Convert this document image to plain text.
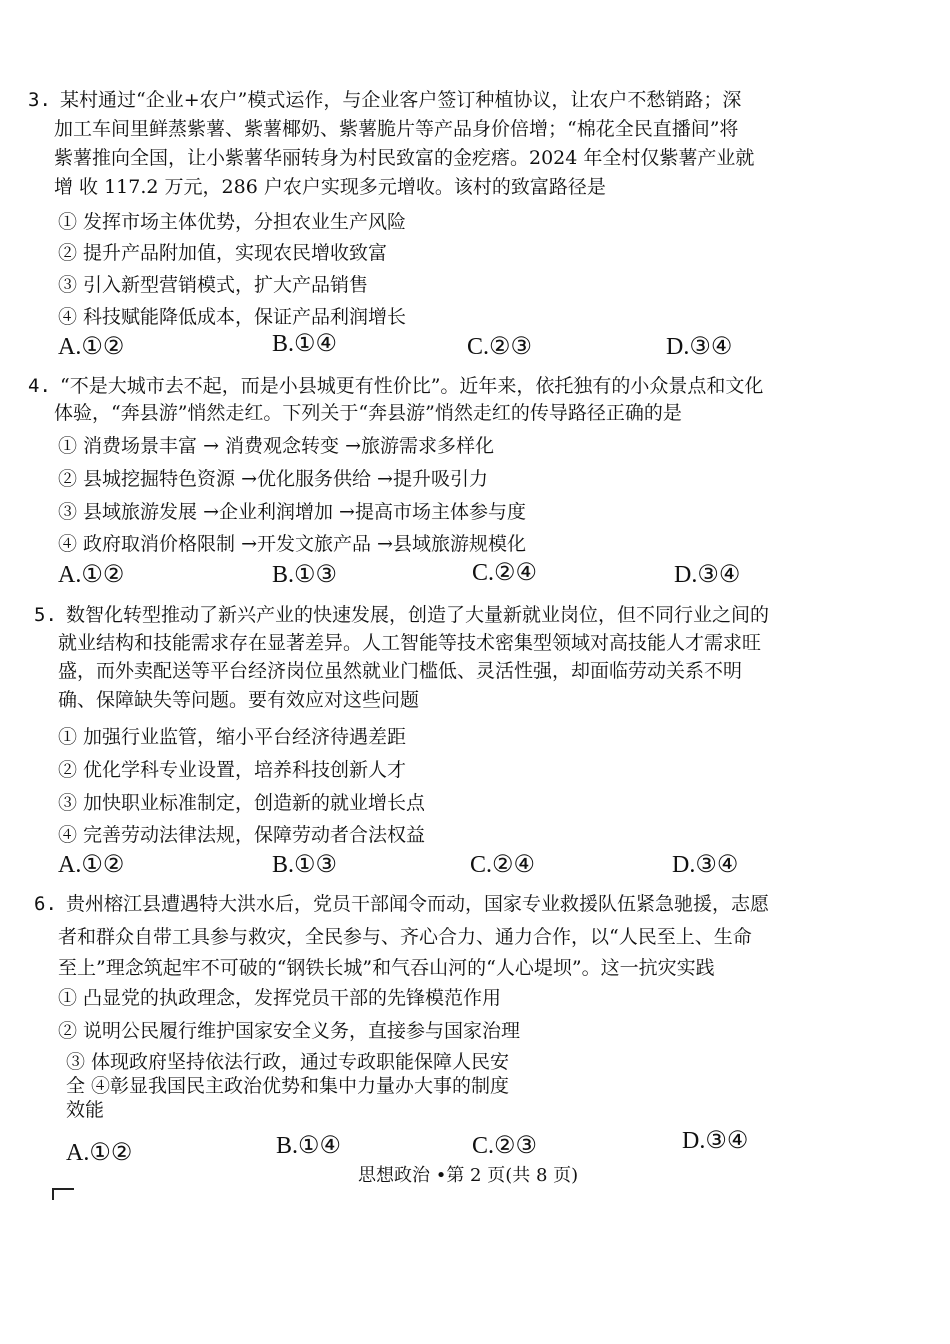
3. 某村通过“企业+农户”模式运作，与企业客户签订种植协议，让农户不愁销路；深
加工车间里鲜蒸紫薯、紫薯椰奶、紫薯脆片等产品身价倍增；“棉花全民直播间”将
紫薯推向全国，让小紫薯华丽转身为村民致富的金疙瘩。2024 年全村仅紫薯产业就
增 收 117.2 万元，286 户农户实现多元增收。该村的致富路径是
① 发挥市场主体优势，分担农业生产风险
② 提升产品附加值，实现农民增收致富
③ 引入新型营销模式，扩大产品销售
④ 科技赋能降低成本，保证产品利润增长
A.①②	B.①④	C.②③	D.③④
4. “不是大城市去不起，而是小县城更有性价比”。近年来，依托独有的小众景点和文化
体验，“奔县游”悄然走红。下列关于“奔县游”悄然走红的传导路径正确的是
① 消费场景丰富 → 消费观念转变 →旅游需求多样化
② 县城挖掘特色资源 →优化服务供给 →提升吸引力
③ 县域旅游发展 →企业利润增加 →提高市场主体参与度
④ 政府取消价格限制 →开发文旅产品 →县域旅游规模化
A.①②	B.①③	C.②④	D.③④
5. 数智化转型推动了新兴产业的快速发展，创造了大量新就业岗位，但不同行业之间的
就业结构和技能需求存在显著差异。人工智能等技术密集型领域对高技能人才需求旺
盛，而外卖配送等平台经济岗位虽然就业门槛低、灵活性强，却面临劳动关系不明
确、保障缺失等问题。要有效应对这些问题
① 加强行业监管，缩小平台经济待遇差距
② 优化学科专业设置，培养科技创新人才
③ 加快职业标准制定，创造新的就业增长点
④ 完善劳动法律法规，保障劳动者合法权益
A.①②	B.①③	C.②④	D.③④
6. 贵州榕江县遭遇特大洪水后，党员干部闻令而动，国家专业救援队伍紧急驰援，志愿
者和群众自带工具参与救灾，全民参与、齐心合力、通力合作，以“人民至上、生命
至上”理念筑起牢不可破的“钢铁长城”和气吞山河的“人心堤坝”。这一抗灾实践
① 凸显党的执政理念，发挥党员干部的先锋模范作用
② 说明公民履行维护国家安全义务，直接参与国家治理
③ 体现政府坚持依法行政，通过专政职能保障人民安
全 ④彰显我国民主政治优势和集中力量办大事的制度
效能
A.①②	B.①④	C.②③	D.③④
思想政治 •第 2 页(共 8 页)
